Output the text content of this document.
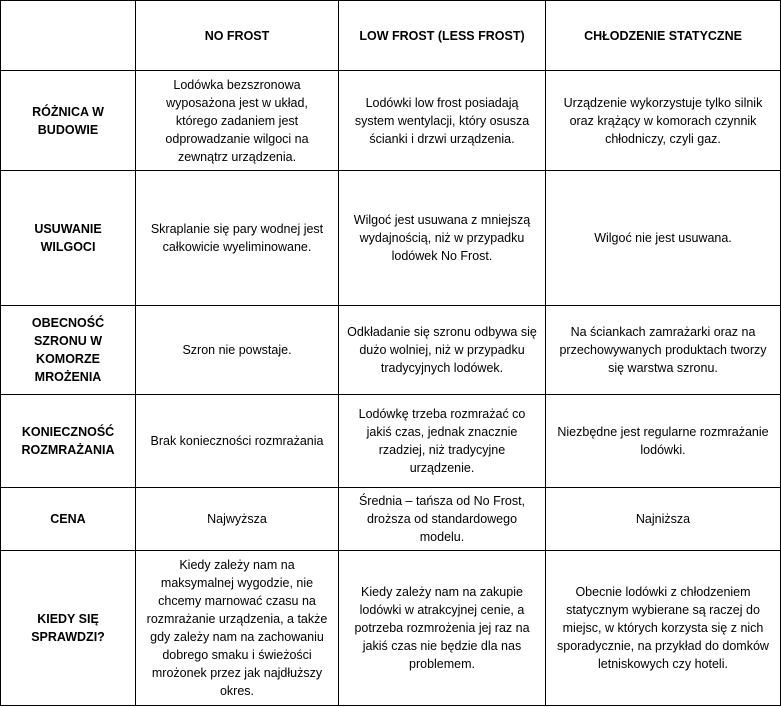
	NO FROST	LOW FROST (LESS FROST)	CHŁODZENIE STATYCZNE
RÓŻNICA W BUDOWIE	Lodówka bezszronowa wyposażona jest w układ, którego zadaniem jest odprowadzanie wilgoci na zewnątrz urządzenia.	Lodówki low frost posiadają system wentylacji, który osusza ścianki i drzwi urządzenia.	Urządzenie wykorzystuje tylko silnik oraz krążący w komorach czynnik chłodniczy, czyli gaz.
USUWANIE WILGOCI	Skraplanie się pary wodnej jest całkowicie wyeliminowane.	Wilgoć jest usuwana z mniejszą wydajnością, niż w przypadku lodówek No Frost.	Wilgoć nie jest usuwana.
OBECNOŚĆ SZRONU W KOMORZE MROŻENIA	Szron nie powstaje.	Odkładanie się szronu odbywa się dużo wolniej, niż w przypadku tradycyjnych lodówek.	Na ściankach zamrażarki oraz na przechowywanych produktach tworzy się warstwa szronu.
KONIECZNOŚĆ ROZMRAŻANIA	Brak konieczności rozmrażania	Lodówkę trzeba rozmrażać co jakiś czas, jednak znacznie rzadziej, niż tradycyjne urządzenie.	Niezbędne jest regularne rozmrażanie lodówki.
CENA	Najwyższa	Średnia – tańsza od No Frost, droższa od standardowego modelu.	Najniższa
KIEDY SIĘ SPRAWDZI?	Kiedy zależy nam na maksymalnej wygodzie, nie chcemy marnować czasu na rozmrażanie urządzenia, a także gdy zależy nam na zachowaniu dobrego smaku i świeżości mrożonek przez jak najdłuższy okres.	Kiedy zależy nam na zakupie lodówki w atrakcyjnej cenie, a potrzeba rozmrożenia jej raz na jakiś czas nie będzie dla nas problemem.	Obecnie lodówki z chłodzeniem statycznym wybierane są raczej do miejsc, w których korzysta się z nich sporadycznie, na przykład do domków letniskowych czy hoteli.
